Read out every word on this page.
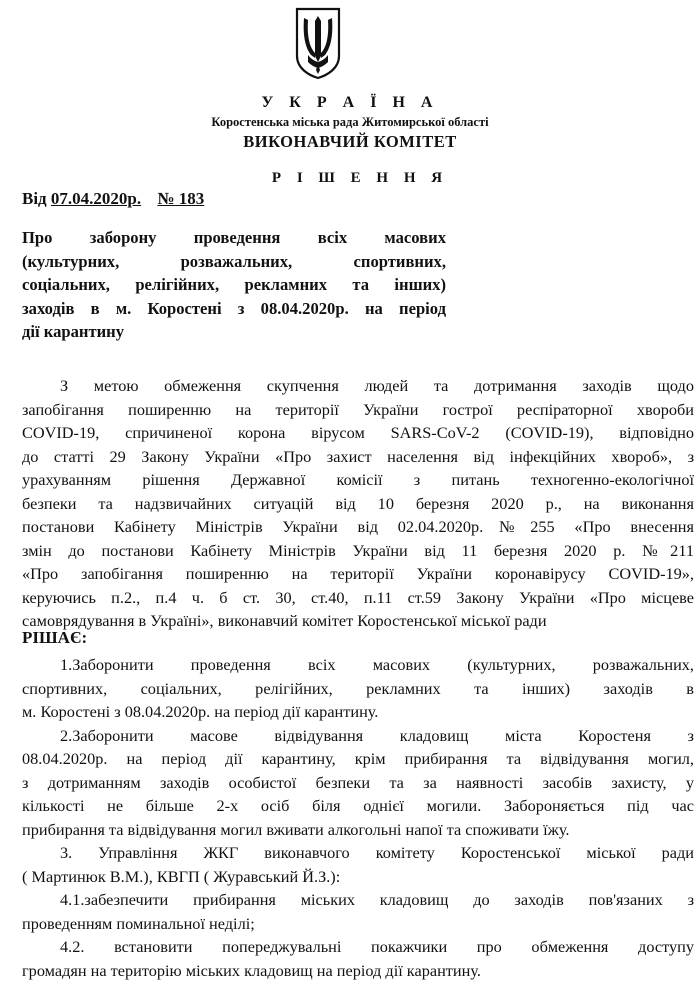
У К Р А Ї Н А
Коростенська міська рада Житомирської області
ВИКОНАВЧИЙ КОМІТЕТ
Р І Ш Е Н Н Я
Від 07.04.2020р. № 183
Про заборону проведення всіх масових
(культурних, розважальних, спортивних,
соціальних, релігійних, рекламних та інших)
заходів в м. Коростені з 08.04.2020р. на період
дії карантину
З метою обмеження скупчення людей та дотримання заходів щодо
запобігання поширенню на території України гострої респіраторної хвороби
COVID-19, спричиненої корона вірусом SARS-CoV-2 (COVID-19), відповідно
до статті 29 Закону України «Про захист населення від інфекційних хвороб», з
урахуванням рішення Державної комісії з питань техногенно-екологічної
безпеки та надзвичайних ситуацій від 10 березня 2020 р., на виконання
постанови Кабінету Міністрів України від 02.04.2020р.№255 «Про внесення
змін до постанови Кабінету Міністрів України від 11 березня 2020 р. №211
«Про запобігання поширенню на території України коронавірусу COVID-19»,
керуючись п.2., п.4 ч. б ст. 30, ст.40, п.11 ст.59 Закону України «Про місцеве
самоврядування в Україні», виконавчий комітет Коростенської міської ради
РІШАЄ:
1.Заборонити проведення всіх масових (культурних, розважальних,
спортивних, соціальних, релігійних, рекламних та інших) заходів в
м. Коростені з 08.04.2020р. на період дії карантину.
2.Заборонити масове відвідування кладовищ міста Коростеня з
08.04.2020р. на період дії карантину, крім прибирання та відвідування могил,
з дотриманням заходів особистої безпеки та за наявності засобів захисту, у
кількості не більше 2-х осіб біля однієї могили. Забороняється під час
прибирання та відвідування могил вживати алкогольні напої та споживати їжу.
3. Управління ЖКГ виконавчого комітету Коростенської міської ради
( Мартинюк В.М.), КВГП ( Журавський Й.З.):
4.1.забезпечити прибирання міських кладовищ до заходів пов'язаних з
проведенням поминальної неділі;
4.2. встановити попереджувальні покажчики про обмеження доступу
громадян на територію міських кладовищ на період дії карантину.
